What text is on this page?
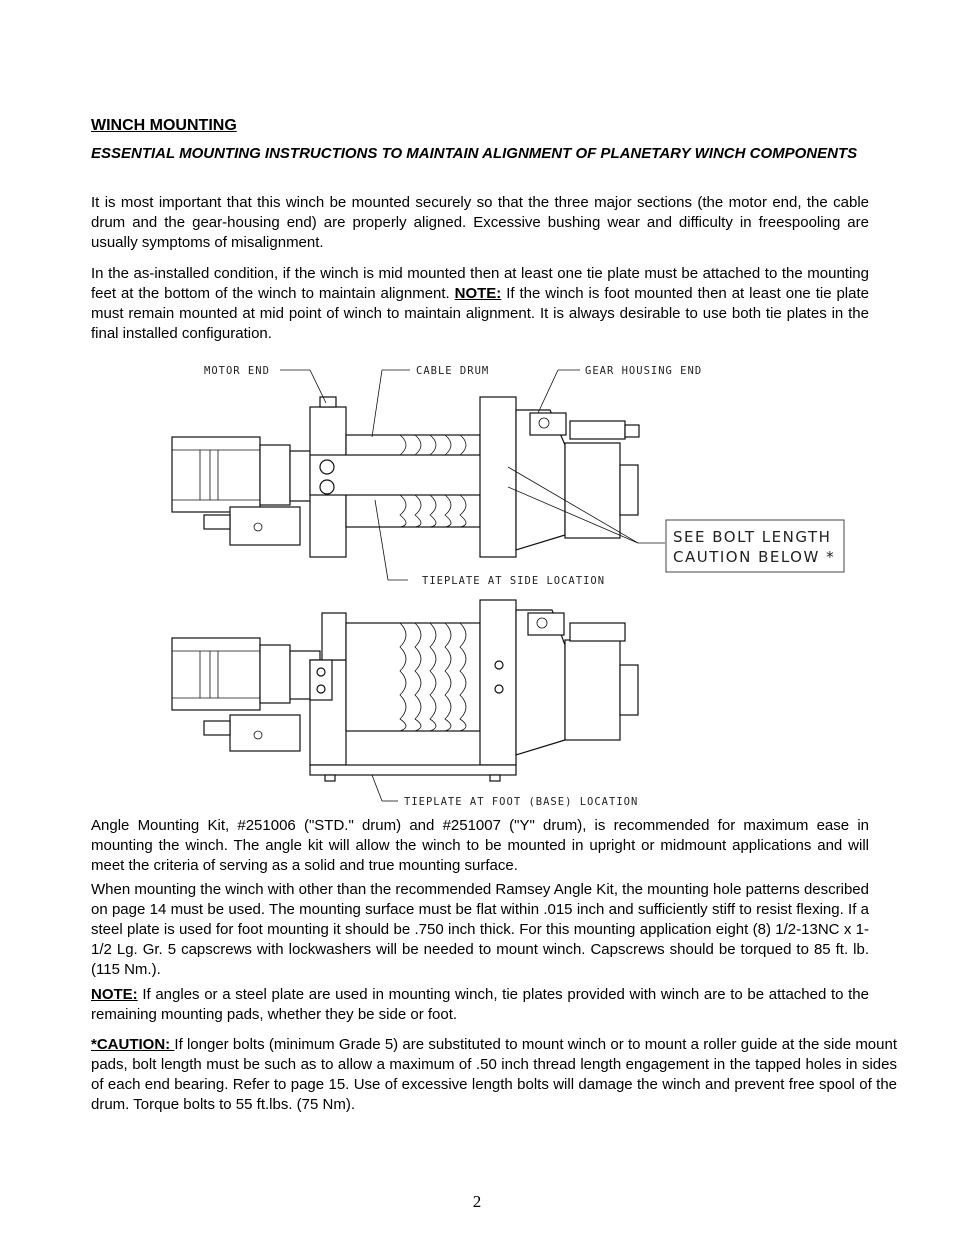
WINCH MOUNTING

ESSENTIAL MOUNTING INSTRUCTIONS TO MAINTAIN ALIGNMENT OF PLANETARY WINCH COMPONENTS

It is most important that this winch be mounted securely so that the three major sections (the motor end, the cable drum and the gear-housing end) are properly aligned. Excessive bushing wear and difficulty in freespooling are usually symptoms of misalignment.

In the as-installed condition, if the winch is mid mounted then at least one tie plate must be attached to the mounting feet at the bottom of the winch to maintain alignment. NOTE: If the winch is foot mounted then at least one tie plate must remain mounted at mid point of winch to maintain alignment. It is always desirable to use both tie plates in the final installed configuration.

MOTOR END	CABLE DRUM	GEAR HOUSING END
TIEPLATE AT SIDE LOCATION
SEE BOLT LENGTH
CAUTION BELOW *
TIEPLATE AT FOOT (BASE) LOCATION

Angle Mounting Kit, #251006 ("STD." drum) and #251007 ("Y" drum), is recommended for maximum ease in mounting the winch. The angle kit will allow the winch to be mounted in upright or midmount applications and will meet the criteria of serving as a solid and true mounting surface.

When mounting the winch with other than the recommended Ramsey Angle Kit, the mounting hole patterns described on page 14 must be used. The mounting surface must be flat within .015 inch and sufficiently stiff to resist flexing. If a steel plate is used for foot mounting it should be .750 inch thick. For this mounting application eight (8) 1/2-13NC x 1-1/2 Lg. Gr. 5 capscrews with lockwashers will be needed to mount winch. Capscrews should be torqued to 85 ft. lb. (115 Nm.).

NOTE: If angles or a steel plate are used in mounting winch, tie plates provided with winch are to be attached to the remaining mounting pads, whether they be side or foot.

*CAUTION: If longer bolts (minimum Grade 5) are substituted to mount winch or to mount a roller guide at the side mount pads, bolt length must be such as to allow a maximum of .50 inch thread length engagement in the tapped holes in sides of each end bearing. Refer to page 15. Use of excessive length bolts will damage the winch and prevent free spool of the drum. Torque bolts to 55 ft.lbs. (75 Nm).

2
